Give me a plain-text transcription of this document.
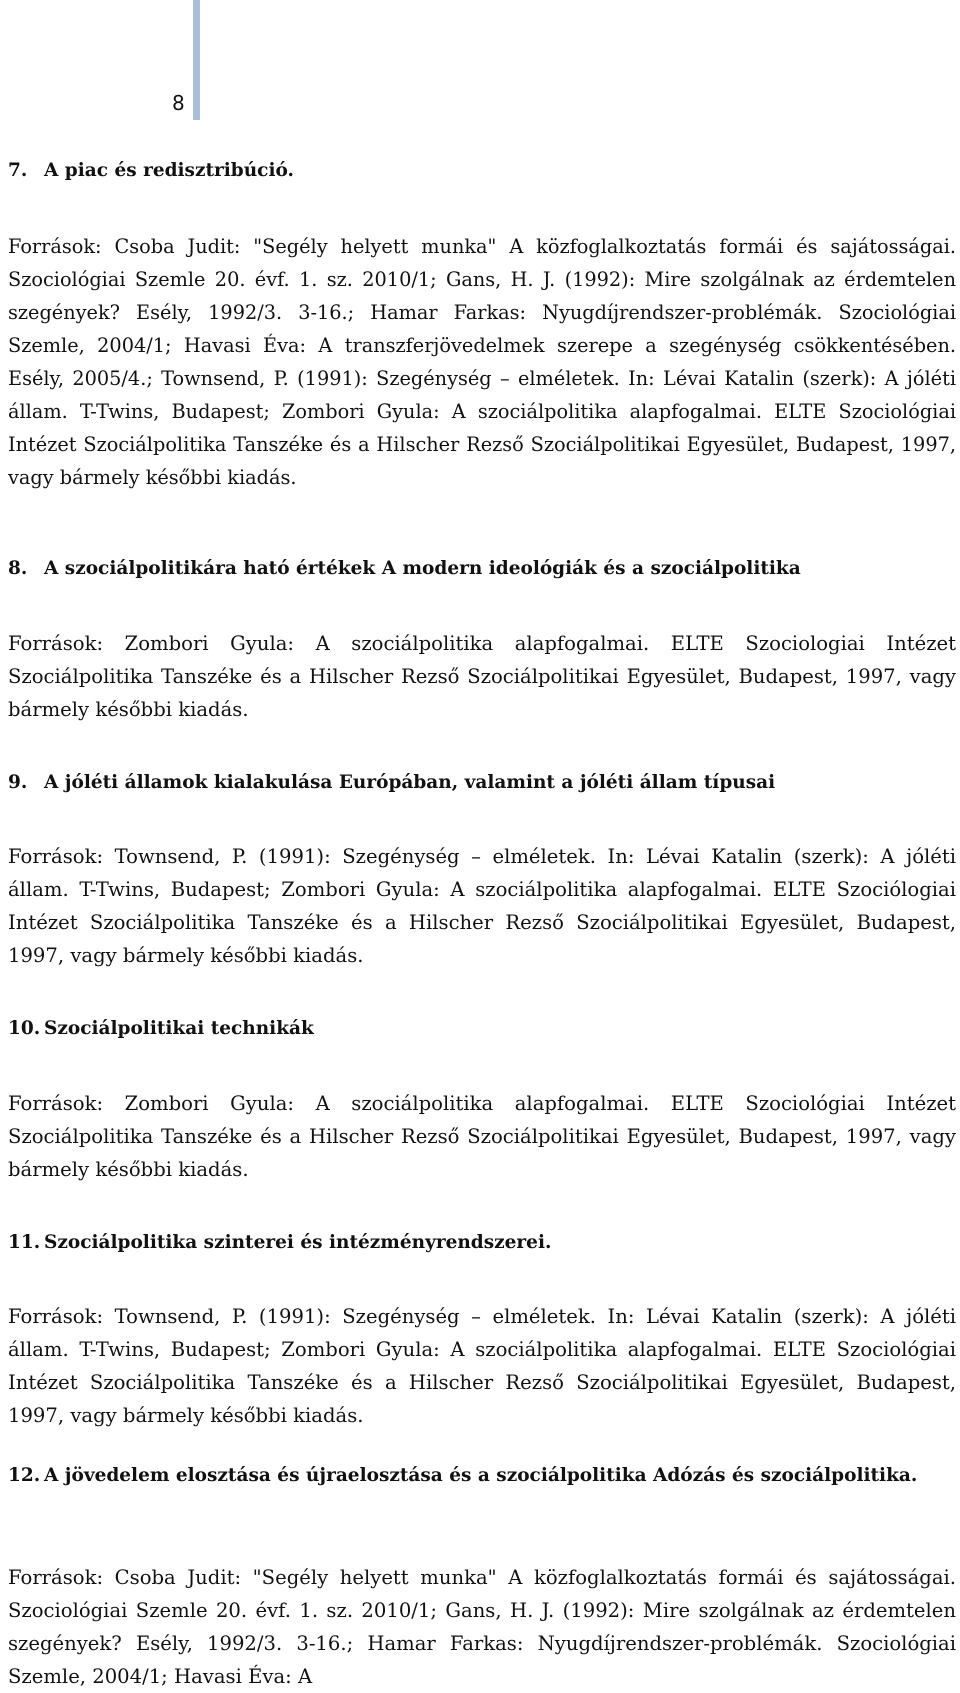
8
7. A piac és redisztribúció.
Források: Csoba Judit: "Segély helyett munka" A közfoglalkoztatás formái és sajátosságai. Szociológiai Szemle 20. évf. 1. sz. 2010/1; Gans, H. J. (1992): Mire szolgálnak az érdemtelen szegények? Esély, 1992/3. 3-16.; Hamar Farkas: Nyugdíjrendszer-problémák. Szociológiai Szemle, 2004/1; Havasi Éva: A transzferjövedelmek szerepe a szegénység csökkentésében. Esély, 2005/4.; Townsend, P. (1991): Szegénység – elméletek. In: Lévai Katalin (szerk): A jóléti állam. T-Twins, Budapest; Zombori Gyula: A szociálpolitika alapfogalmai. ELTE Szociológiai Intézet Szociálpolitika Tanszéke és a Hilscher Rezső Szociálpolitikai Egyesület, Budapest, 1997, vagy bármely későbbi kiadás.
8. A szociálpolitikára ható értékek A modern ideológiák és a szociálpolitika
Források: Zombori Gyula: A szociálpolitika alapfogalmai. ELTE Szociologiai Intézet Szociálpolitika Tanszéke és a Hilscher Rezső Szociálpolitikai Egyesület, Budapest, 1997, vagy bármely későbbi kiadás.
9. A jóléti államok kialakulása Európában, valamint a jóléti állam típusai
Források: Townsend, P. (1991): Szegénység – elméletek. In: Lévai Katalin (szerk): A jóléti állam. T-Twins, Budapest; Zombori Gyula: A szociálpolitika alapfogalmai. ELTE Szociólogiai Intézet Szociálpolitika Tanszéke és a Hilscher Rezső Szociálpolitikai Egyesület, Budapest, 1997, vagy bármely későbbi kiadás.
10. Szociálpolitikai technikák
Források: Zombori Gyula: A szociálpolitika alapfogalmai. ELTE Szociológiai Intézet Szociálpolitika Tanszéke és a Hilscher Rezső Szociálpolitikai Egyesület, Budapest, 1997, vagy bármely későbbi kiadás.
11. Szociálpolitika szinterei és intézményrendszerei.
Források: Townsend, P. (1991): Szegénység – elméletek. In: Lévai Katalin (szerk): A jóléti állam. T-Twins, Budapest; Zombori Gyula: A szociálpolitika alapfogalmai. ELTE Szociológiai Intézet Szociálpolitika Tanszéke és a Hilscher Rezső Szociálpolitikai Egyesület, Budapest, 1997, vagy bármely későbbi kiadás.
12. A jövedelem elosztása és újraelosztása és a szociálpolitika Adózás és szociálpolitika.
Források: Csoba Judit: "Segély helyett munka" A közfoglalkoztatás formái és sajátosságai. Szociológiai Szemle 20. évf. 1. sz. 2010/1; Gans, H. J. (1992): Mire szolgálnak az érdemtelen szegények? Esély, 1992/3. 3-16.; Hamar Farkas: Nyugdíjrendszer-problémák. Szociológiai Szemle, 2004/1; Havasi Éva: A
